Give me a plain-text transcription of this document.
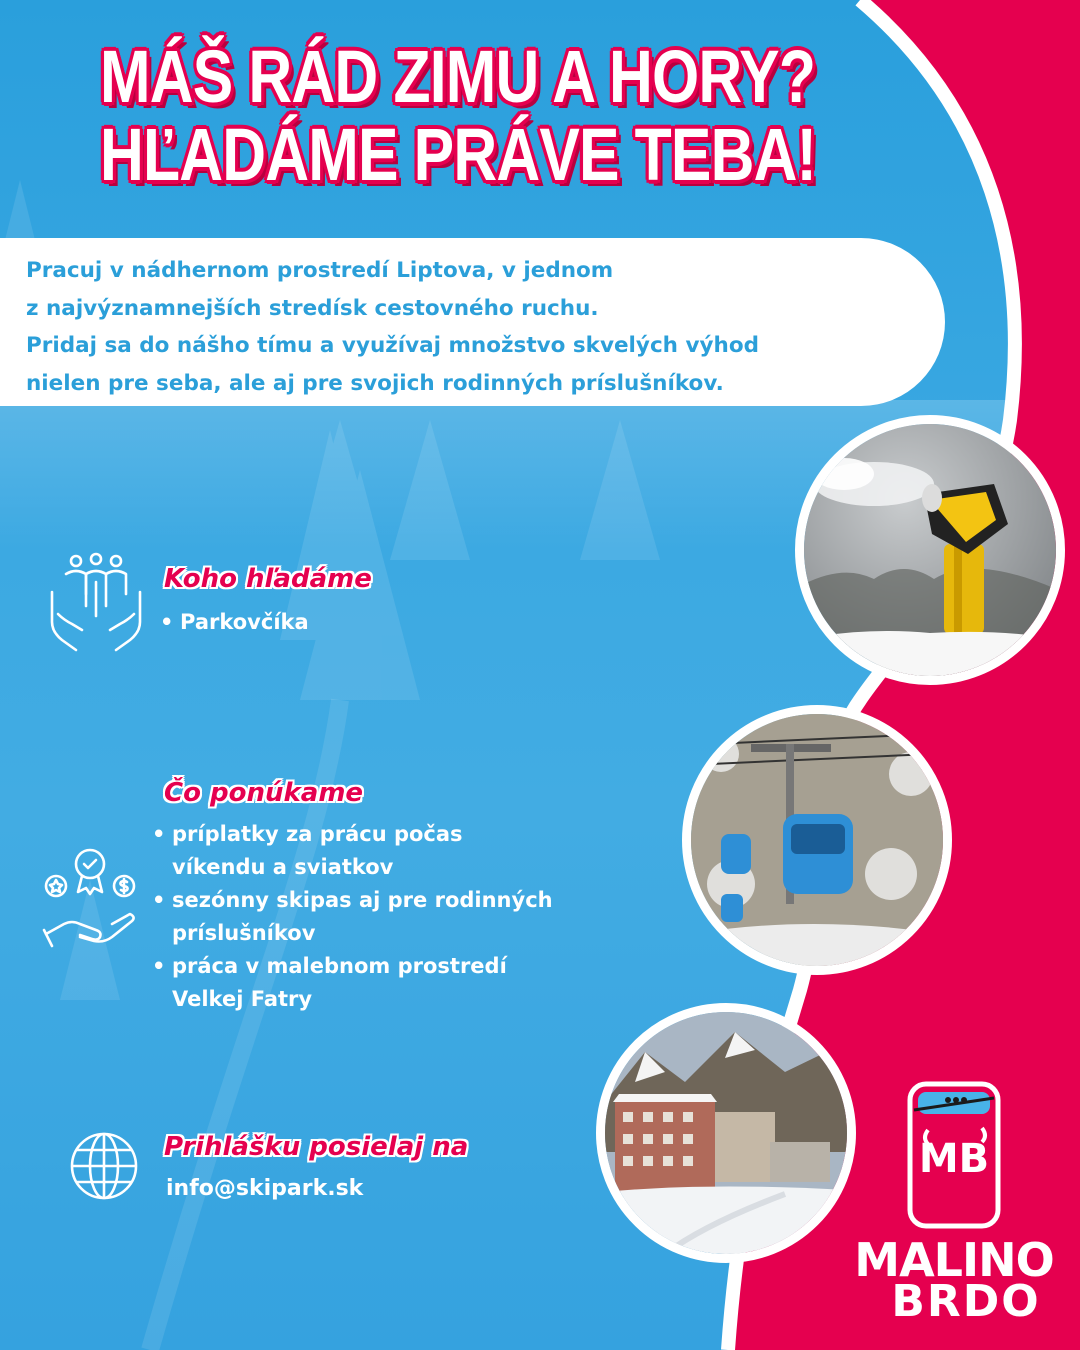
MÁŠ RÁD ZIMU A HORY?
HĽADÁME PRÁVE TEBA!

Pracuj v nádhernom prostredí Liptova, v jednom

z najvýznamnejších stredísk cestovného ruchu.

Pridaj sa do nášho tímu a využívaj množstvo skvelých výhod

nielen pre seba, ale aj pre svojich rodinných príslušníkov.

Koho hľadáme
• Parkovčíka
Čo ponúkame
• príplatky za prácu počas
víkendu a sviatkov
• sezónny skipas aj pre rodinných
príslušníkov
• práca v malebnom prostredí
Velkej Fatry
Prihlášku posielaj na
info@skipark.sk
MB
MALINO
BRDO
